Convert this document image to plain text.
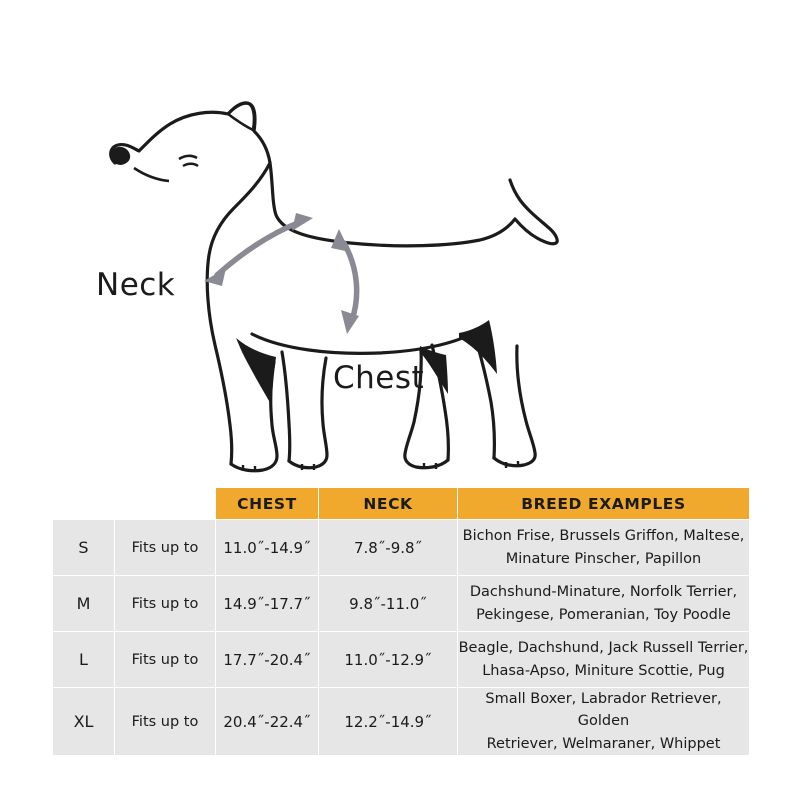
Neck
Chest
		CHEST	NECK	BREED EXAMPLES
S	Fits up to	11.0˝-14.9˝	7.8˝-9.8˝	Bichon Frise, Brussels Griffon, Maltese,
Minature Pinscher, Papillon

M	Fits up to	14.9˝-17.7˝	9.8˝-11.0˝	Dachshund-Minature, Norfolk Terrier,
Pekingese, Pomeranian, Toy Poodle

L	Fits up to	17.7˝-20.4˝	11.0˝-12.9˝	Beagle, Dachshund, Jack Russell Terrier,
Lhasa-Apso, Miniture Scottie, Pug

XL	Fits up to	20.4˝-22.4˝	12.2˝-14.9˝	Small Boxer, Labrador Retriever, Golden
Retriever, Welmaraner, Whippet
